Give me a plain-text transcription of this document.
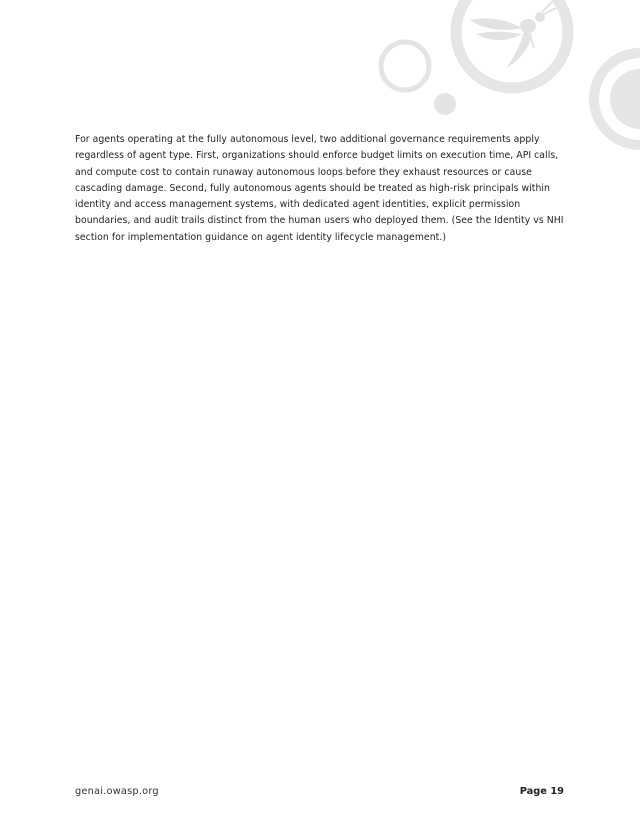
For agents operating at the fully autonomous level, two additional governance requirements apply regardless of agent type. First, organizations should enforce budget limits on execution time, API calls, and compute cost to contain runaway autonomous loops before they exhaust resources or cause cascading damage. Second, fully autonomous agents should be treated as high-risk principals within identity and access management systems, with dedicated agent identities, explicit permission boundaries, and audit trails distinct from the human users who deployed them. (See the Identity vs NHI section for implementation guidance on agent identity lifecycle management.)

genai.owasp.org	Page 19
